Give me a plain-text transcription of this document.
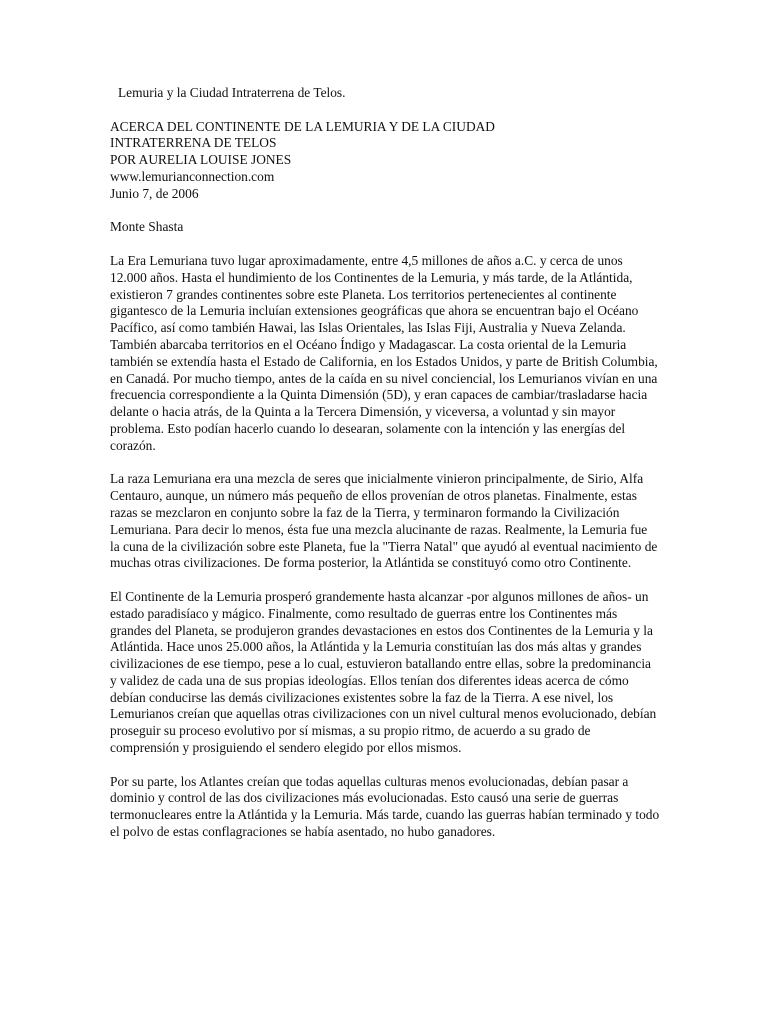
Lemuria y la Ciudad Intraterrena de Telos.
ACERCA DEL CONTINENTE DE LA LEMURIA Y DE LA CIUDAD
INTRATERRENA DE TELOS
POR AURELIA LOUISE JONES
www.lemurianconnection.com
Junio 7, de 2006
Monte Shasta

La Era Lemuriana tuvo lugar aproximadamente, entre 4,5 millones de años a.C. y cerca de unos 12.000 años. Hasta el hundimiento de los Continentes de la Lemuria, y más tarde, de la Atlántida, existieron 7 grandes continentes sobre este Planeta. Los territorios pertenecientes al continente gigantesco de la Lemuria incluían extensiones geográficas que ahora se encuentran bajo el Océano Pacífico, así como también Hawai, las Islas Orientales, las Islas Fiji, Australia y Nueva Zelanda. También abarcaba territorios en el Océano Índigo y Madagascar. La costa oriental de la Lemuria también se extendía hasta el Estado de California, en los Estados Unidos, y parte de British Columbia, en Canadá. Por mucho tiempo, antes de la caída en su nivel conciencial, los Lemurianos vivían en una frecuencia correspondiente a la Quinta Dimensión (5D), y eran capaces de cambiar/trasladarse hacia delante o hacia atrás, de la Quinta a la Tercera Dimensión, y viceversa, a voluntad y sin mayor problema. Esto podían hacerlo cuando lo desearan, solamente con la intención y las energías del corazón.

La raza Lemuriana era una mezcla de seres que inicialmente vinieron principalmente, de Sirio, Alfa Centauro, aunque, un número más pequeño de ellos provenían de otros planetas. Finalmente, estas razas se mezclaron en conjunto sobre la faz de la Tierra, y terminaron formando la Civilización Lemuriana. Para decir lo menos, ésta fue una mezcla alucinante de razas. Realmente, la Lemuria fue la cuna de la civilización sobre este Planeta, fue la "Tierra Natal" que ayudó al eventual nacimiento de muchas otras civilizaciones. De forma posterior, la Atlántida se constituyó como otro Continente.

El Continente de la Lemuria prosperó grandemente hasta alcanzar -por algunos millones de años- un estado paradisíaco y mágico. Finalmente, como resultado de guerras entre los Continentes más grandes del Planeta, se produjeron grandes devastaciones en estos dos Continentes de la Lemuria y la Atlántida. Hace unos 25.000 años, la Atlántida y la Lemuria constituían las dos más altas y grandes civilizaciones de ese tiempo, pese a lo cual, estuvieron batallando entre ellas, sobre la predominancia y validez de cada una de sus propias ideologías. Ellos tenían dos diferentes ideas acerca de cómo debían conducirse las demás civilizaciones existentes sobre la faz de la Tierra. A ese nivel, los Lemurianos creían que aquellas otras civilizaciones con un nivel cultural menos evolucionado, debían proseguir su proceso evolutivo por sí mismas, a su propio ritmo, de acuerdo a su grado de comprensión y prosiguiendo el sendero elegido por ellos mismos.

Por su parte, los Atlantes creían que todas aquellas culturas menos evolucionadas, debían pasar a dominio y control de las dos civilizaciones más evolucionadas. Esto causó una serie de guerras termonucleares entre la Atlántida y la Lemuria. Más tarde, cuando las guerras habían terminado y todo el polvo de estas conflagraciones se había asentado, no hubo ganadores.
